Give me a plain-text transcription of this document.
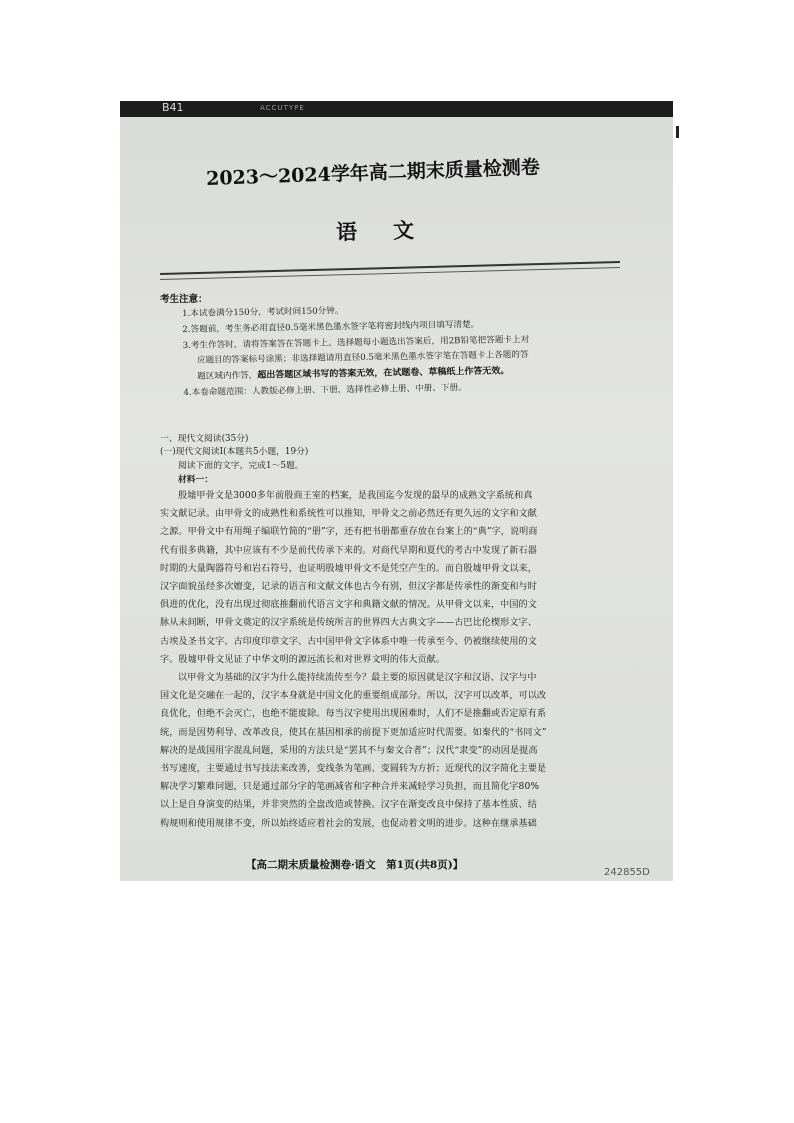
B41	ACCUTYPE
2023～2024学年高二期末质量检测卷
语文
考生注意：

1.本试卷满分150分，考试时间150分钟。

2.答题前，考生务必用直径0.5毫米黑色墨水签字笔将密封线内项目填写清楚。

3.考生作答时，请将答案答在答题卡上。选择题每小题选出答案后，用2B铅笔把答题卡上对

应题目的答案标号涂黑；非选择题请用直径0.5毫米黑色墨水签字笔在答题卡上各题的答

题区域内作答，超出答题区域书写的答案无效，在试题卷、草稿纸上作答无效。

4.本卷命题范围：人教版必修上册、下册，选择性必修上册、中册、下册。

一、现代文阅读(35分)

(一)现代文阅读Ⅰ(本题共5小题，19分)

阅读下面的文字，完成1～5题。

材料一：

殷墟甲骨文是3000多年前殷商王室的档案，是我国迄今发现的最早的成熟文字系统和真

实文献记录。由甲骨文的成熟性和系统性可以推知，甲骨文之前必然还有更久远的文字和文献

之源。甲骨文中有用绳子编联竹简的“册”字，还有把书册都重存放在台案上的“典”字，说明商

代有很多典籍，其中应该有不少是前代传承下来的。对商代早期和夏代的考古中发现了新石器

时期的大量陶器符号和岩石符号，也证明殷墟甲骨文不是凭空产生的。而自殷墟甲骨文以来，

汉字面貌虽经多次嬗变，记录的语言和文献文体也古今有别，但汉字都是传承性的渐变和与时

俱进的优化，没有出现过彻底推翻前代语言文字和典籍文献的情况。从甲骨文以来，中国的文

脉从未间断，甲骨文奠定的汉字系统是传统所言的世界四大古典文字——古巴比伦楔形文字、

古埃及圣书文字、古印度印章文字、古中国甲骨文字体系中唯一传承至今、仍被继续使用的文

字。殷墟甲骨文见证了中华文明的源远流长和对世界文明的伟大贡献。

以甲骨文为基础的汉字为什么能持续流传至今？最主要的原因就是汉字和汉语、汉字与中

国文化是交融在一起的，汉字本身就是中国文化的重要组成部分。所以，汉字可以改革，可以改

良优化，但绝不会灭亡，也绝不能废除。每当汉字使用出现困难时，人们不是推翻或否定原有系

统，而是因势利导、改革改良，使其在基因相承的前提下更加适应时代需要。如秦代的“书同文”

解决的是战国用字混乱问题，采用的方法只是“罢其不与秦文合者”；汉代“隶变”的动因是提高

书写速度，主要通过书写技法来改善，变线条为笔画、变圆转为方折；近现代的汉字简化主要是

解决学习繁难问题，只是通过部分字的笔画减省和字种合并来减轻学习负担，而且简化字80%

以上是自身演变的结果，并非突然的全盘改造或替换。汉字在渐变改良中保持了基本性质、结

构规则和使用规律不变，所以始终适应着社会的发展，也促动着文明的进步。这种在继承基础

【高二期末质量检测卷·语文　第1页(共8页)】
242855D
